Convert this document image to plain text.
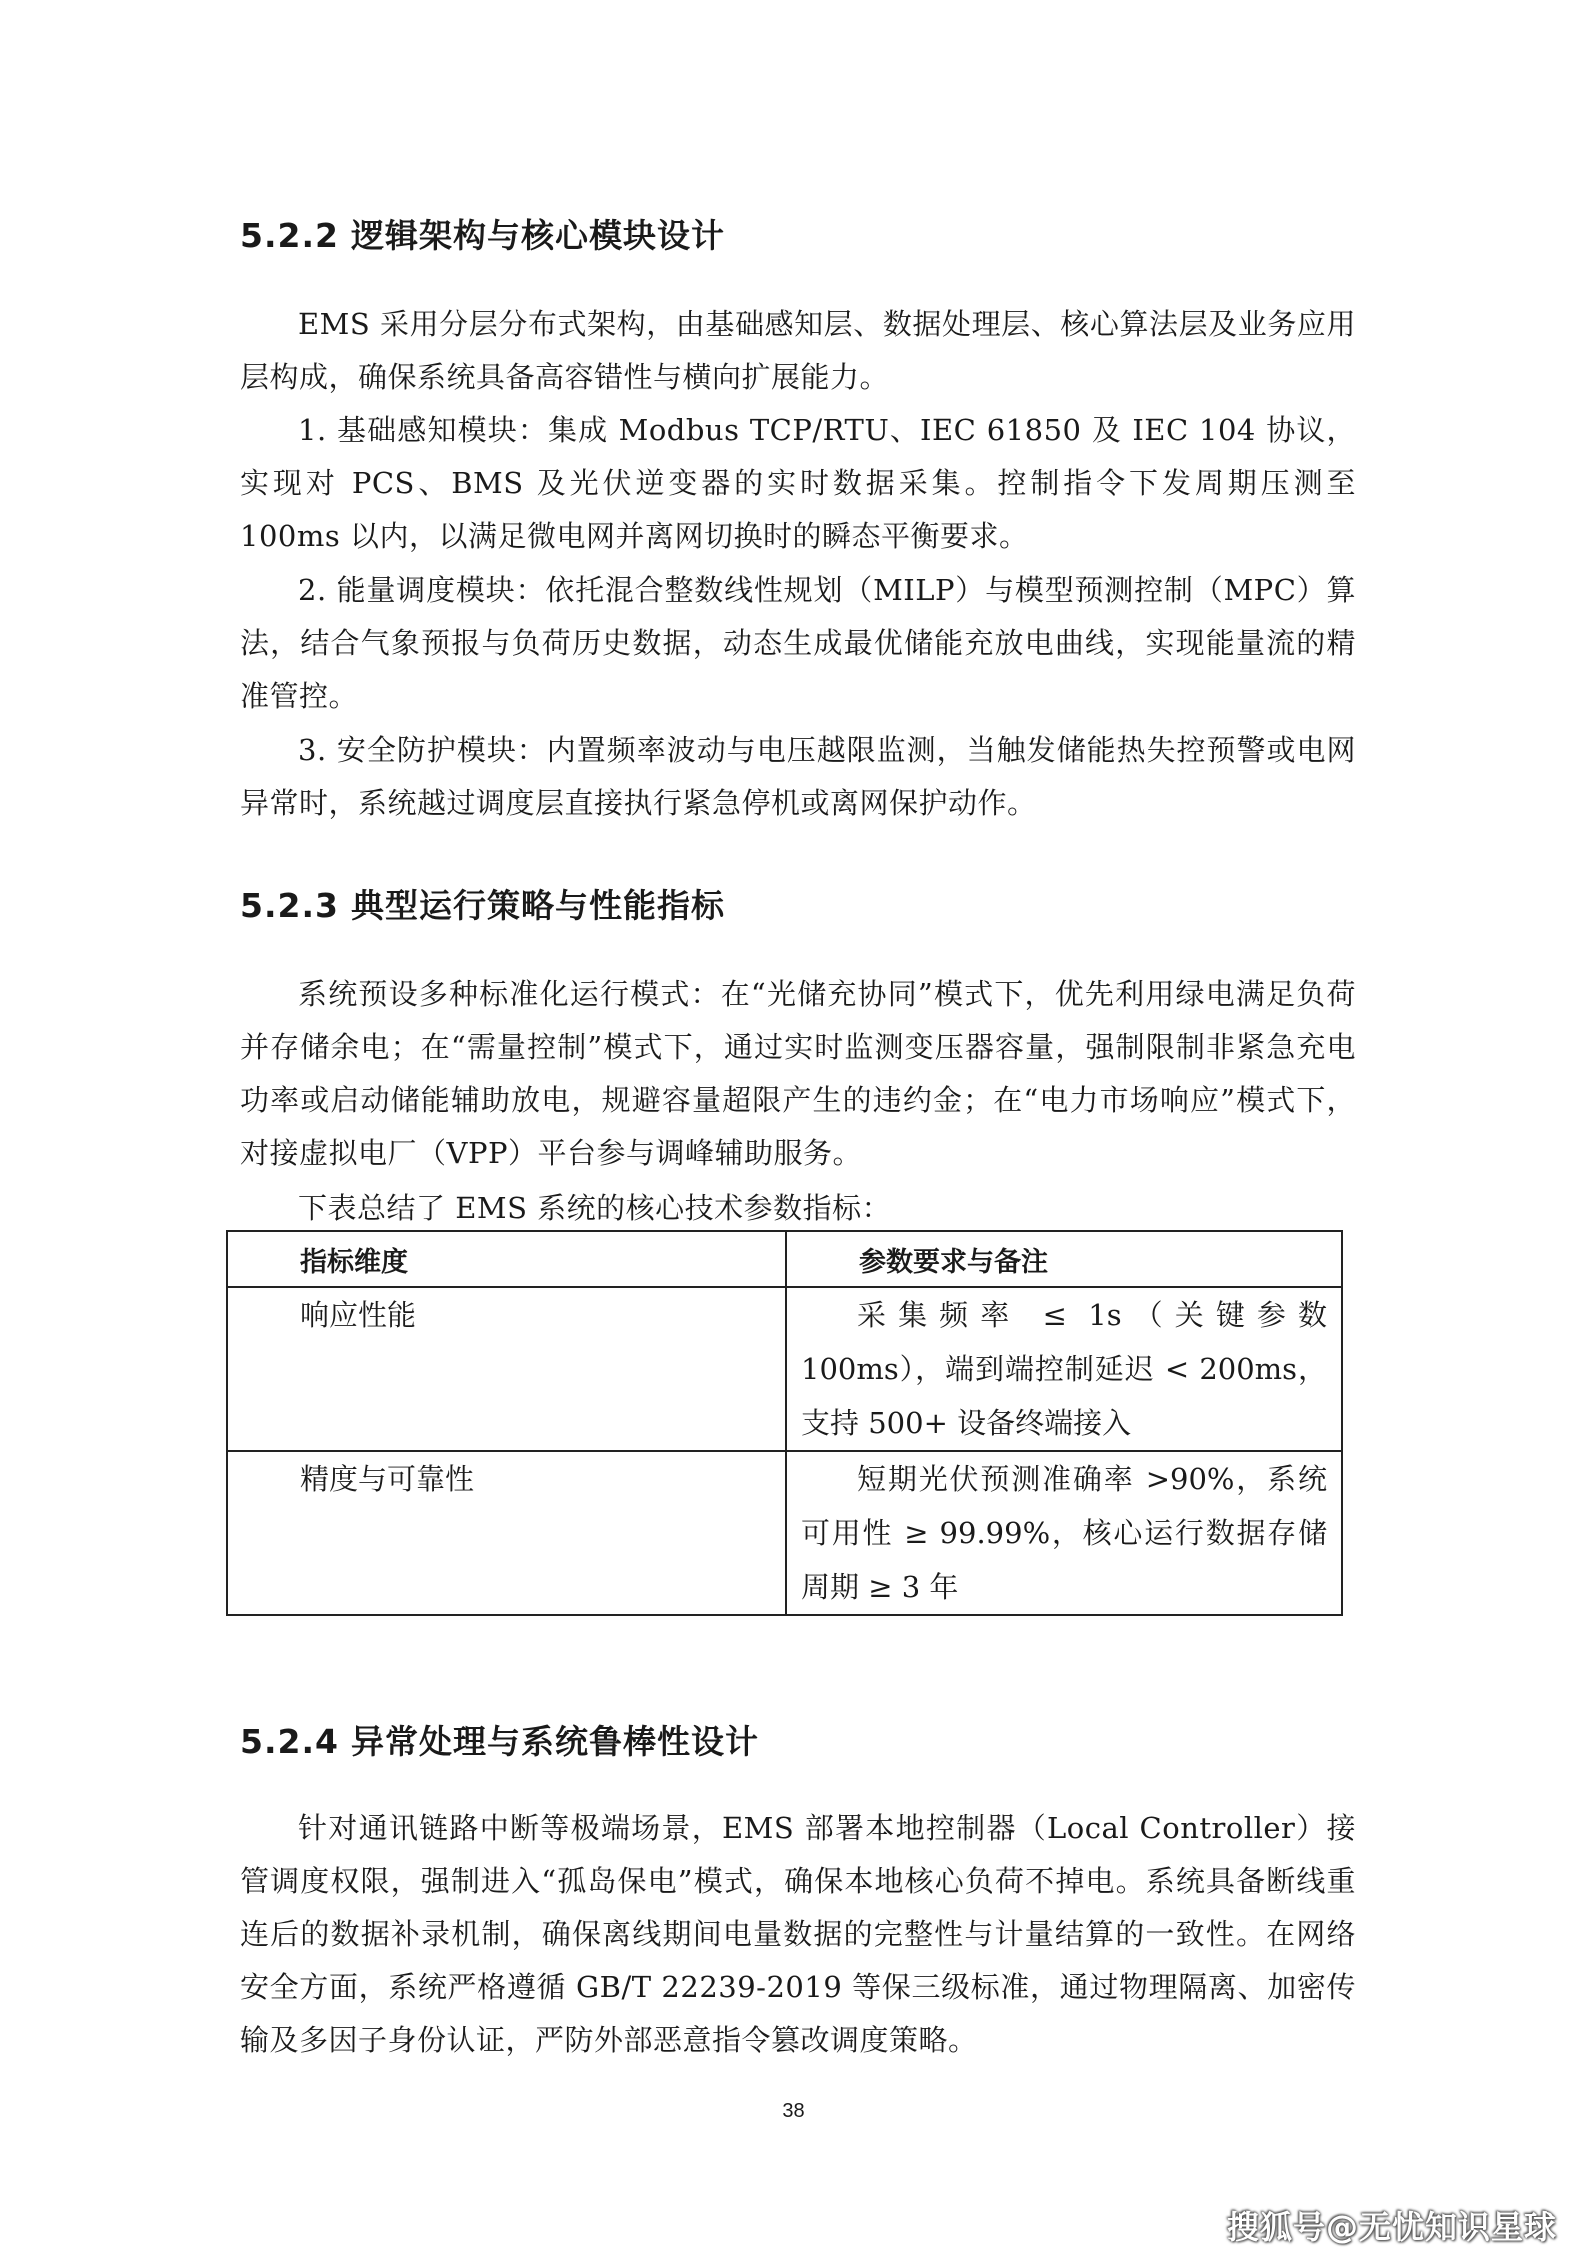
5.2.2 逻辑架构与核心模块设计

EMS 采用分层分布式架构，由基础感知层、数据处理层、核心算法层及业务应用层构成，确保系统具备高容错性与横向扩展能力。

1. 基础感知模块：集成 Modbus TCP/RTU、IEC 61850 及 IEC 104 协议，实现对 PCS、BMS 及光伏逆变器的实时数据采集。控制指令下发周期压测至 100ms 以内，以满足微电网并离网切换时的瞬态平衡要求。

2. 能量调度模块：依托混合整数线性规划（MILP）与模型预测控制（MPC）算法，结合气象预报与负荷历史数据，动态生成最优储能充放电曲线，实现能量流的精准管控。

3. 安全防护模块：内置频率波动与电压越限监测，当触发储能热失控预警或电网异常时，系统越过调度层直接执行紧急停机或离网保护动作。

5.2.3 典型运行策略与性能指标

系统预设多种标准化运行模式：在“光储充协同”模式下，优先利用绿电满足负荷并存储余电；在“需量控制”模式下，通过实时监测变压器容量，强制限制非紧急充电功率或启动储能辅助放电，规避容量超限产生的违约金；在“电力市场响应”模式下，对接虚拟电厂（VPP）平台参与调峰辅助服务。

下表总结了 EMS 系统的核心技术参数指标：
指标维度	参数要求与备注
响应性能	采集频率 ≤ 1s（关键参数 100ms），端到端控制延迟 < 200ms，支持 500+ 设备终端接入
精度与可靠性	短期光伏预测准确率 >90%，系统可用性 ≥ 99.99%，核心运行数据存储周期 ≥ 3 年
5.2.4 异常处理与系统鲁棒性设计

针对通讯链路中断等极端场景，EMS 部署本地控制器（Local Controller）接管调度权限，强制进入“孤岛保电”模式，确保本地核心负荷不掉电。系统具备断线重连后的数据补录机制，确保离线期间电量数据的完整性与计量结算的一致性。在网络安全方面，系统严格遵循 GB/T 22239-2019 等保三级标准，通过物理隔离、加密传输及多因子身份认证，严防外部恶意指令篡改调度策略。

38
搜狐号@无忧知识星球
